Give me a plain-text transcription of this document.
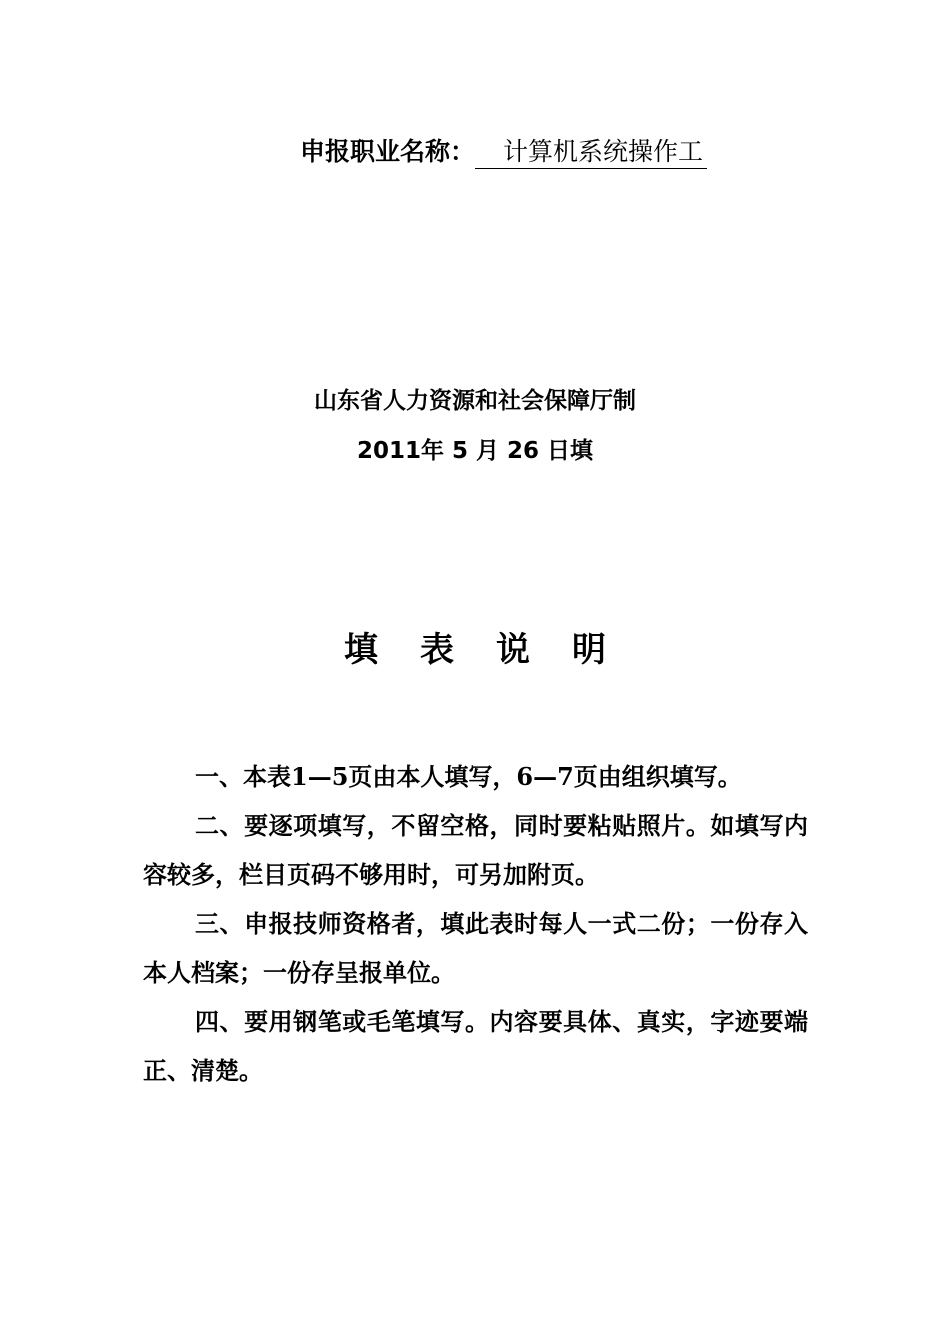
申报职业名称： 计算机系统操作工
山东省人力资源和社会保障厅制
2011年 5 月 26 日填
填表说明

一、本表1—5页由本人填写，6—7页由组织填写。

二、要逐项填写，不留空格，同时要粘贴照片。如填写内容较多，栏目页码不够用时，可另加附页。

三、申报技师资格者，填此表时每人一式二份；一份存入本人档案；一份存呈报单位。

四、要用钢笔或毛笔填写。内容要具体、真实，字迹要端正、清楚。
